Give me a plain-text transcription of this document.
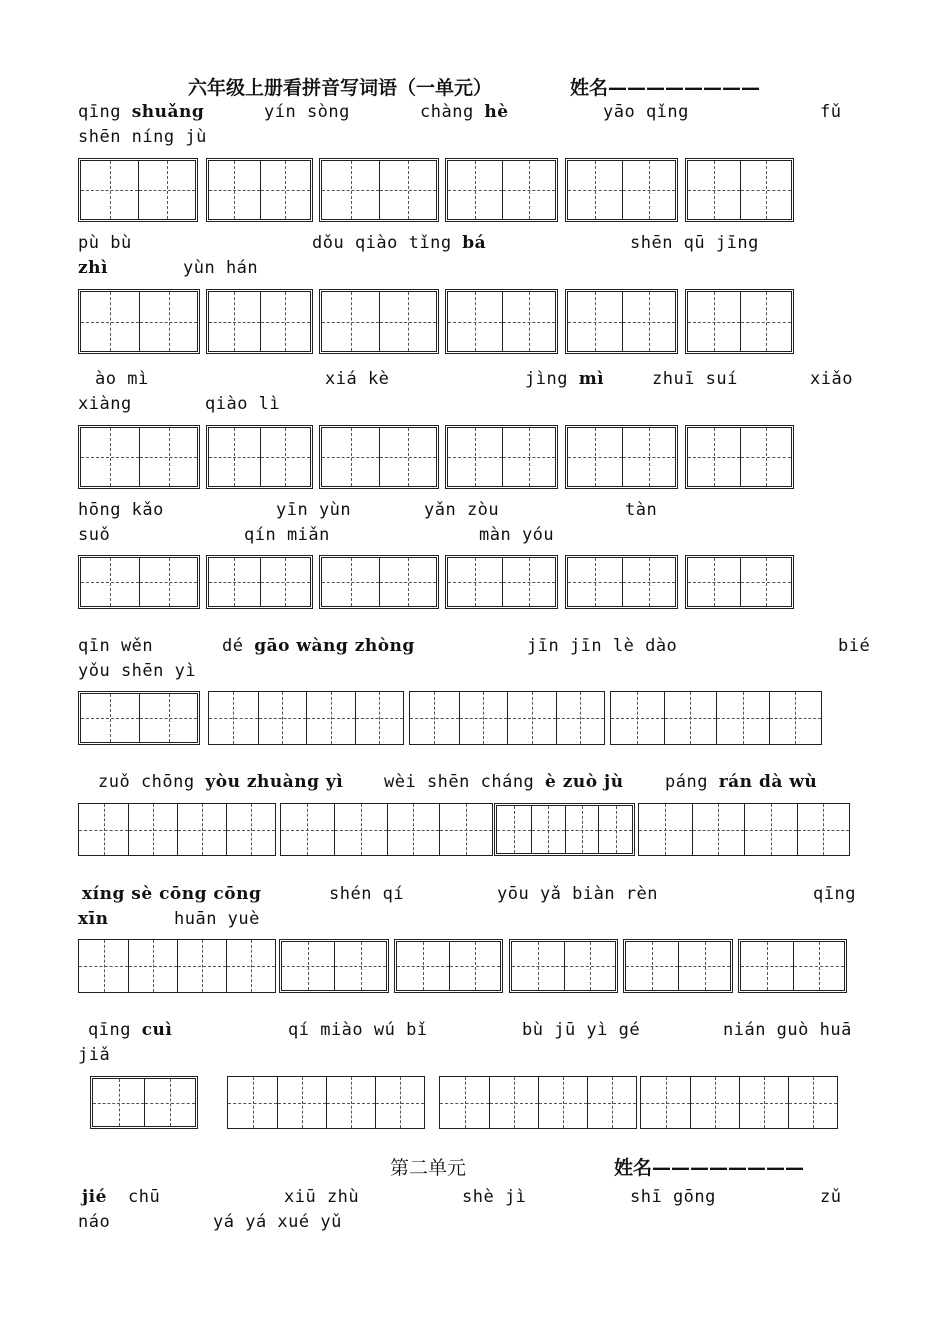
六年级上册看拼音写词语（一单元）	姓名————————
第二单元	姓名————————
qīng shuǎng	yín sòng	chàng hè	yāo qǐng	fǔ
shēn níng jù
pù bù	dǒu qiào tǐng bá	shēn qū jīng
zhì	yùn hán
ào mì	xiá kè	jìng mì	zhuī suí	xiǎo
xiàng	qiào lì
hōng kǎo	yīn yùn	yǎn zòu	tàn
suǒ	qín miǎn	màn yóu
qīn wěn	dé gāo wàng zhòng	jīn jīn lè dào	bié
yǒu shēn yì
zuǒ chōng yòu zhuàng yì wèi shēn cháng è zuò jù páng rán dà wù
xíng sè cōng cōng	shén qí	yōu yǎ biàn rèn	qīng
xīn	huān yuè
qīng cuì	qí miào wú bǐ	bù jū yì gé	nián guò huā
jiǎ
jié chū	xiū zhù	shè jì	shī gōng	zǔ
náo	yá yá xué yǔ
